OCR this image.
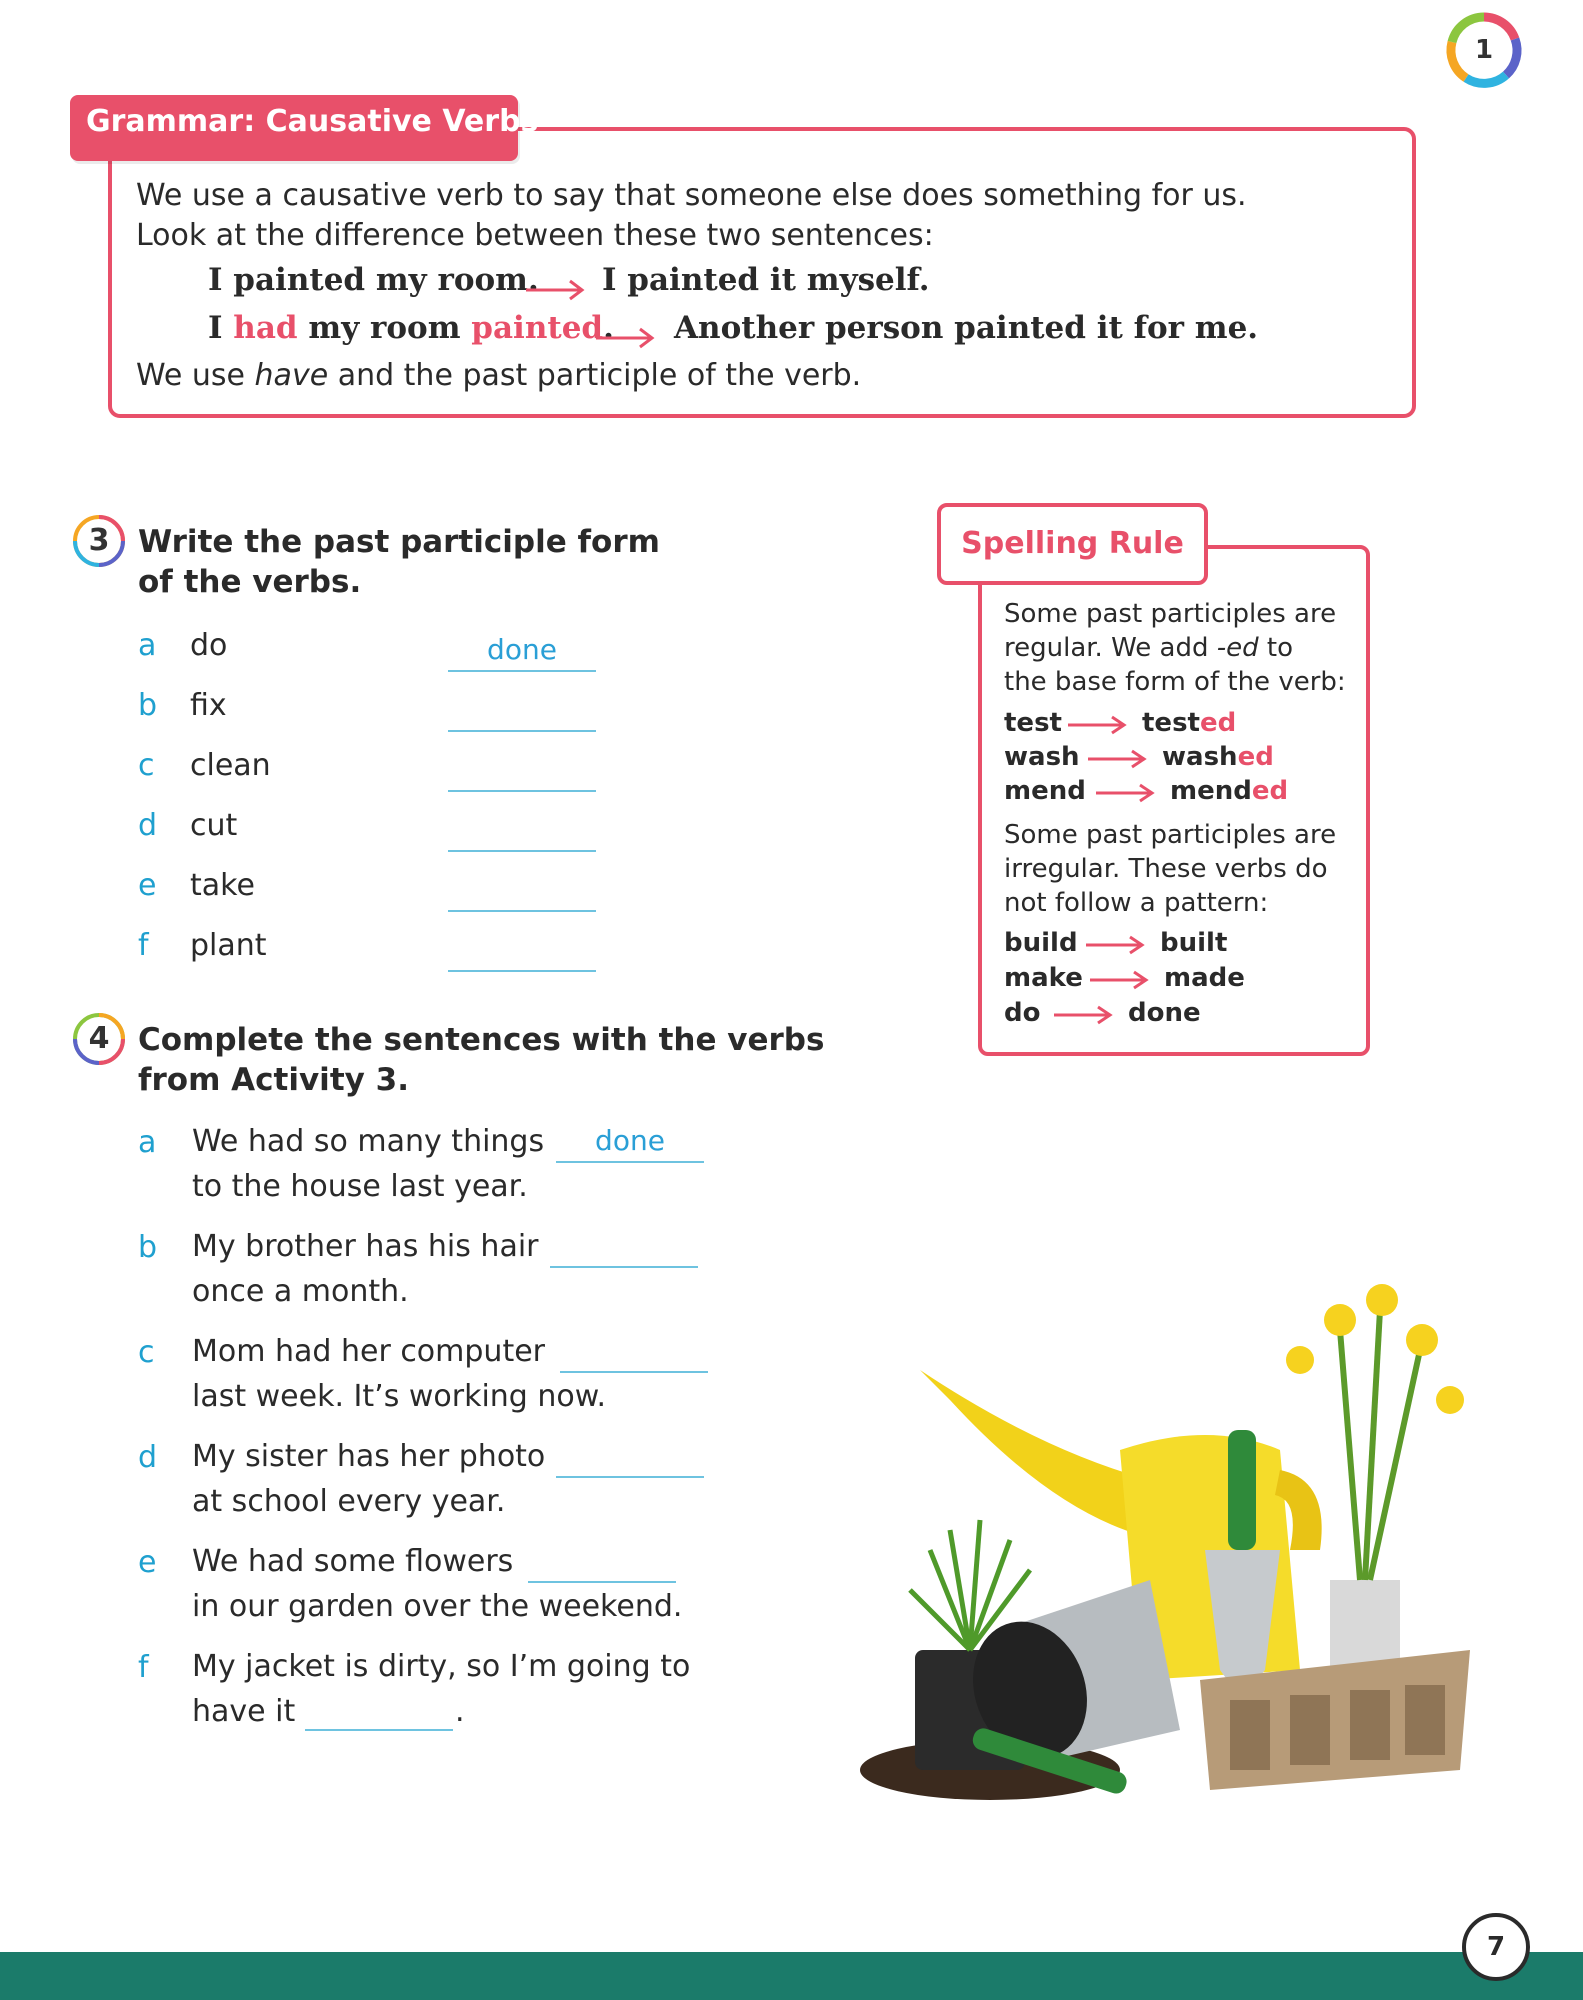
1
Grammar: Causative Verbs
We use a causative verb to say that someone else does something for us.
Look at the difference between these two sentences:
I painted my room. I painted it myself.
I had my room painted. Another person painted it for me.
We use have and the past participle of the verb.
3 Write the past participle form
of the verbs.
a do	done
b fix
c clean
d cut
e take
f plant
4 Complete the sentences with the verbs
from Activity 3.
a We had so many things
to the house last year.
done
b My brother has his hair
once a month.
c Mom had her computer
last week. It’s working now.
d My sister has her photo
at school every year.
e We had some flowers
in our garden over the weekend.
f My jacket is dirty, so I’m going to
have it	.
Spelling Rule
Some past participles are
regular. We add -ed to
the base form of the verb:
test	tested
wash	washed
mend	mended
Some past participles are
irregular. These verbs do
not follow a pattern:
build	built
make	made
do	done
7
